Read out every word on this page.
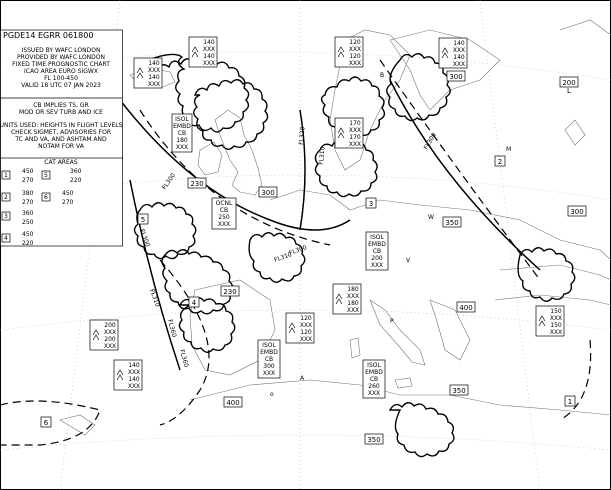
PGDE14 EGRR 061800
ISSUED BY WAFC LONDON
PROVIDED BY WAFC LONDON
FIXED TIME PROGNOSTIC CHART
ICAO AREA EURO SIGWX
FL 100-450
VALID 18 UTC 07 JAN 2023
CB IMPLIES TS, GR
MOD OR SEV TURB AND ICE
UNITS USED: HEIGHTS IN FLIGHT LEVELS
CHECK SIGMET, ADVISORIES FOR
TC AND VA, AND ASHTAM AND
NOTAM FOR VA
CAT AREAS
1
450
270
2
380
270
3 360
250
4
450
220
5
360
220
6
450
270
ISOL
EMBD
CB
180
XXX
OCNL
CB
250
XXX
ISOL
EMBD
CB
200
XXX
ISOL
EMBD
CB
300
XXX
ISOL
EMBD
CB
260
XXX
140
XXX
140
XXX
140
XXX
140
XXX
120
XXX
120
XXX
140
XXX
140
XXX
170
XXX
170
XXX
180
XXX
180
XXX
120
XXX
120
XXX
200
XXX
200
XXX
140
XXX
140
XXX
150
XXX
150
XXX
200
300
230
300
350
300
230
400
350
400
350
L
FL300
FL320
FL310
FL300
FL310
FL300
FL300
FL310
FL360
FL360
1
2
3
4
5
6
B
M
W
V
A
P
o
